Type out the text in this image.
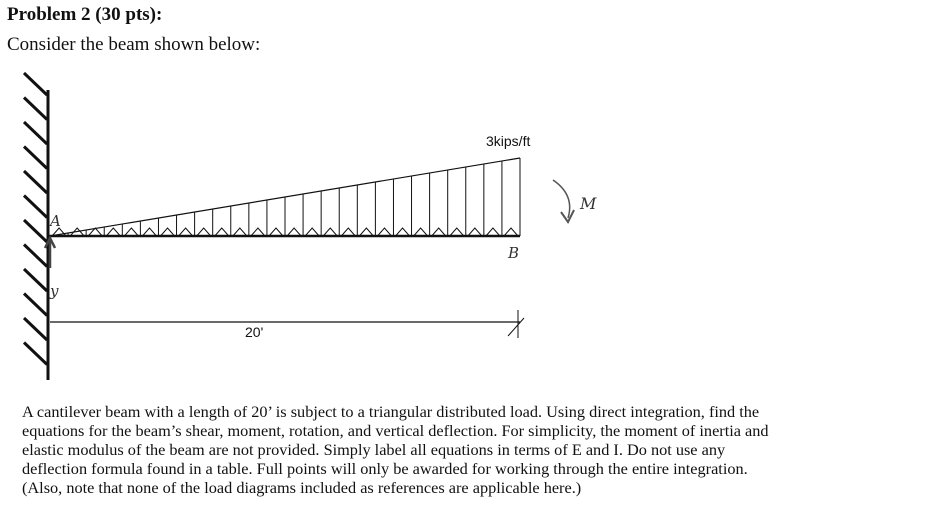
Problem 2 (30 pts):
Consider the beam shown below:
3kips/ft
20'
A
B
M
y
A cantilever beam with a length of 20’ is subject to a triangular distributed load. Using direct integration, find the
equations for the beam’s shear, moment, rotation, and vertical deflection. For simplicity, the moment of inertia and
elastic modulus of the beam are not provided. Simply label all equations in terms of E and I. Do not use any
deflection formula found in a table. Full points will only be awarded for working through the entire integration.
(Also, note that none of the load diagrams included as references are applicable here.)
